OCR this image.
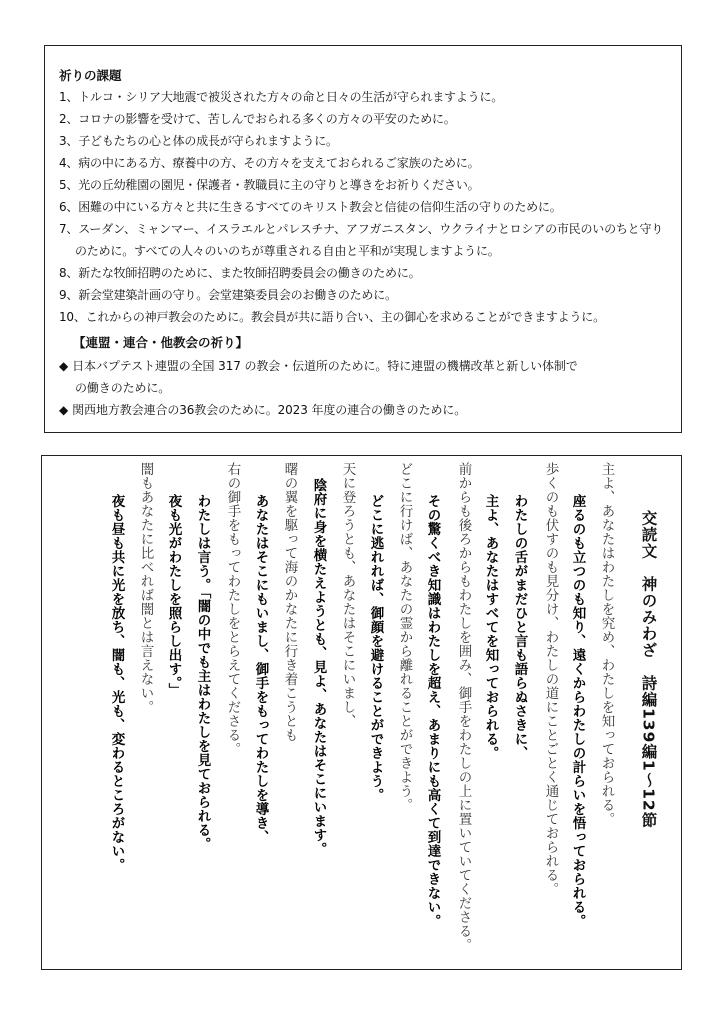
祈りの課題
1、トルコ・シリア大地震で被災された方々の命と日々の生活が守られますように。
2、コロナの影響を受けて、苦しんでおられる多くの方々の平安のために。
3、子どもたちの心と体の成長が守られますように。
4、病の中にある方、療養中の方、その方々を支えておられるご家族のために。
5、光の丘幼稚園の園児・保護者・教職員に主の守りと導きをお祈りください。
6、困難の中にいる方々と共に生きるすべてのキリスト教会と信徒の信仰生活の守りのために。
7、スーダン、ミャンマー、イスラエルとパレスチナ、アフガニスタン、ウクライナとロシアの市民のいのちと守り
のために。すべての人々のいのちが尊重される自由と平和が実現しますように。
8、新たな牧師招聘のために、また牧師招聘委員会の働きのために。
9、新会堂建築計画の守り。会堂建築委員会のお働きのために。
10、これからの神戸教会のために。教会員が共に語り合い、主の御心を求めることができますように。
【連盟・連合・他教会の祈り】
◆ 日本バプテスト連盟の全国 317 の教会・伝道所のために。特に連盟の機構改革と新しい体制で
の働きのために。
◆ 関西地方教会連合の36教会のために。2023 年度の連合の働きのために。
交読文　神のみわざ　詩編139編1～12節
主よ、あなたはわたしを究め、わたしを知っておられる。
座るのも立つのも知り、遠くからわたしの計らいを悟っておられる。
歩くのも伏すのも見分け、わたしの道にことごとく通じておられる。
わたしの舌がまだひと言も語らぬさきに、
主よ、あなたはすべてを知っておられる。
前からも後ろからもわたしを囲み、御手をわたしの上に置いていてくださる。
その驚くべき知識はわたしを超え、あまりにも高くて到達できない。
どこに行けば、あなたの霊から離れることができよう。
どこに逃れれば、御顔を避けることができよう。
天に登ろうとも、あなたはそこにいまし、
陰府に身を横たえようとも、見よ、あなたはそこにいます。
曙の翼を駆って海のかなたに行き着こうとも
あなたはそこにもいまし、御手をもってわたしを導き、
右の御手をもってわたしをとらえてくださる。
わたしは言う。「闇の中でも主はわたしを見ておられる。
夜も光がわたしを照らし出す。」
闇もあなたに比べれば闇とは言えない。
夜も昼も共に光を放ち、闇も、光も、変わるところがない。
